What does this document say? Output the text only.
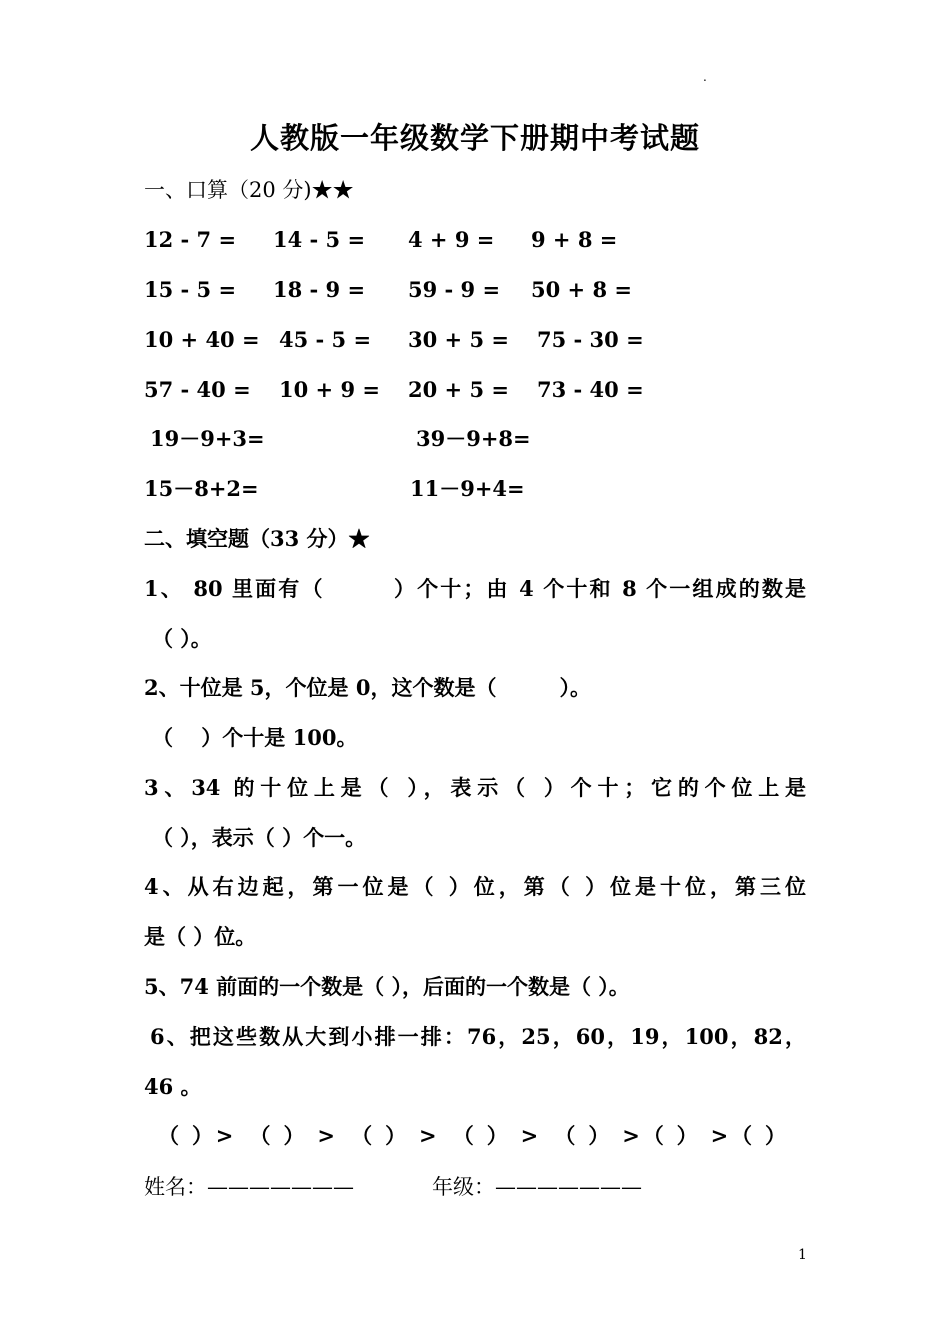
.
人教版一年级数学下册期中考试题
一、口算（20 分)★★
12 - 7 = 14 - 5 = 4 + 9 = 9 + 8 =
15 - 5 = 18 - 9 = 59 - 9 = 50 + 8 =
10 + 40 = 45 - 5 = 30 + 5 = 75 - 30 =
57 - 40 = 10 + 9 = 20 + 5 = 73 - 40 =
19－9+3=	39－9+8=
15－8+2=	11－9+4=
二、填空题（33 分）★
1、 80 里面有（　　　）个十；由 4 个十和 8 个一组成的数是
（ ）。
2、十位是 5，个位是 0，这个数是（　　　）。
（　 ）个十是 100。
3、34 的十位上是（ ），表示（ ）个十；它的个位上是
（ ），表示（ ）个一。
4、从右边起，第一位是（ ）位，第（ ）位是十位，第三位
是（ ）位。
5、74 前面的一个数是（ ），后面的一个数是（ ）。
6、把这些数从大到小排一排：76，25，60，19，100，82，
46 。
（ ）>　（ ） >　（ ） >　（ ） >　（ ） >（ ） >（ ）
姓名：———————	年级：———————
1
